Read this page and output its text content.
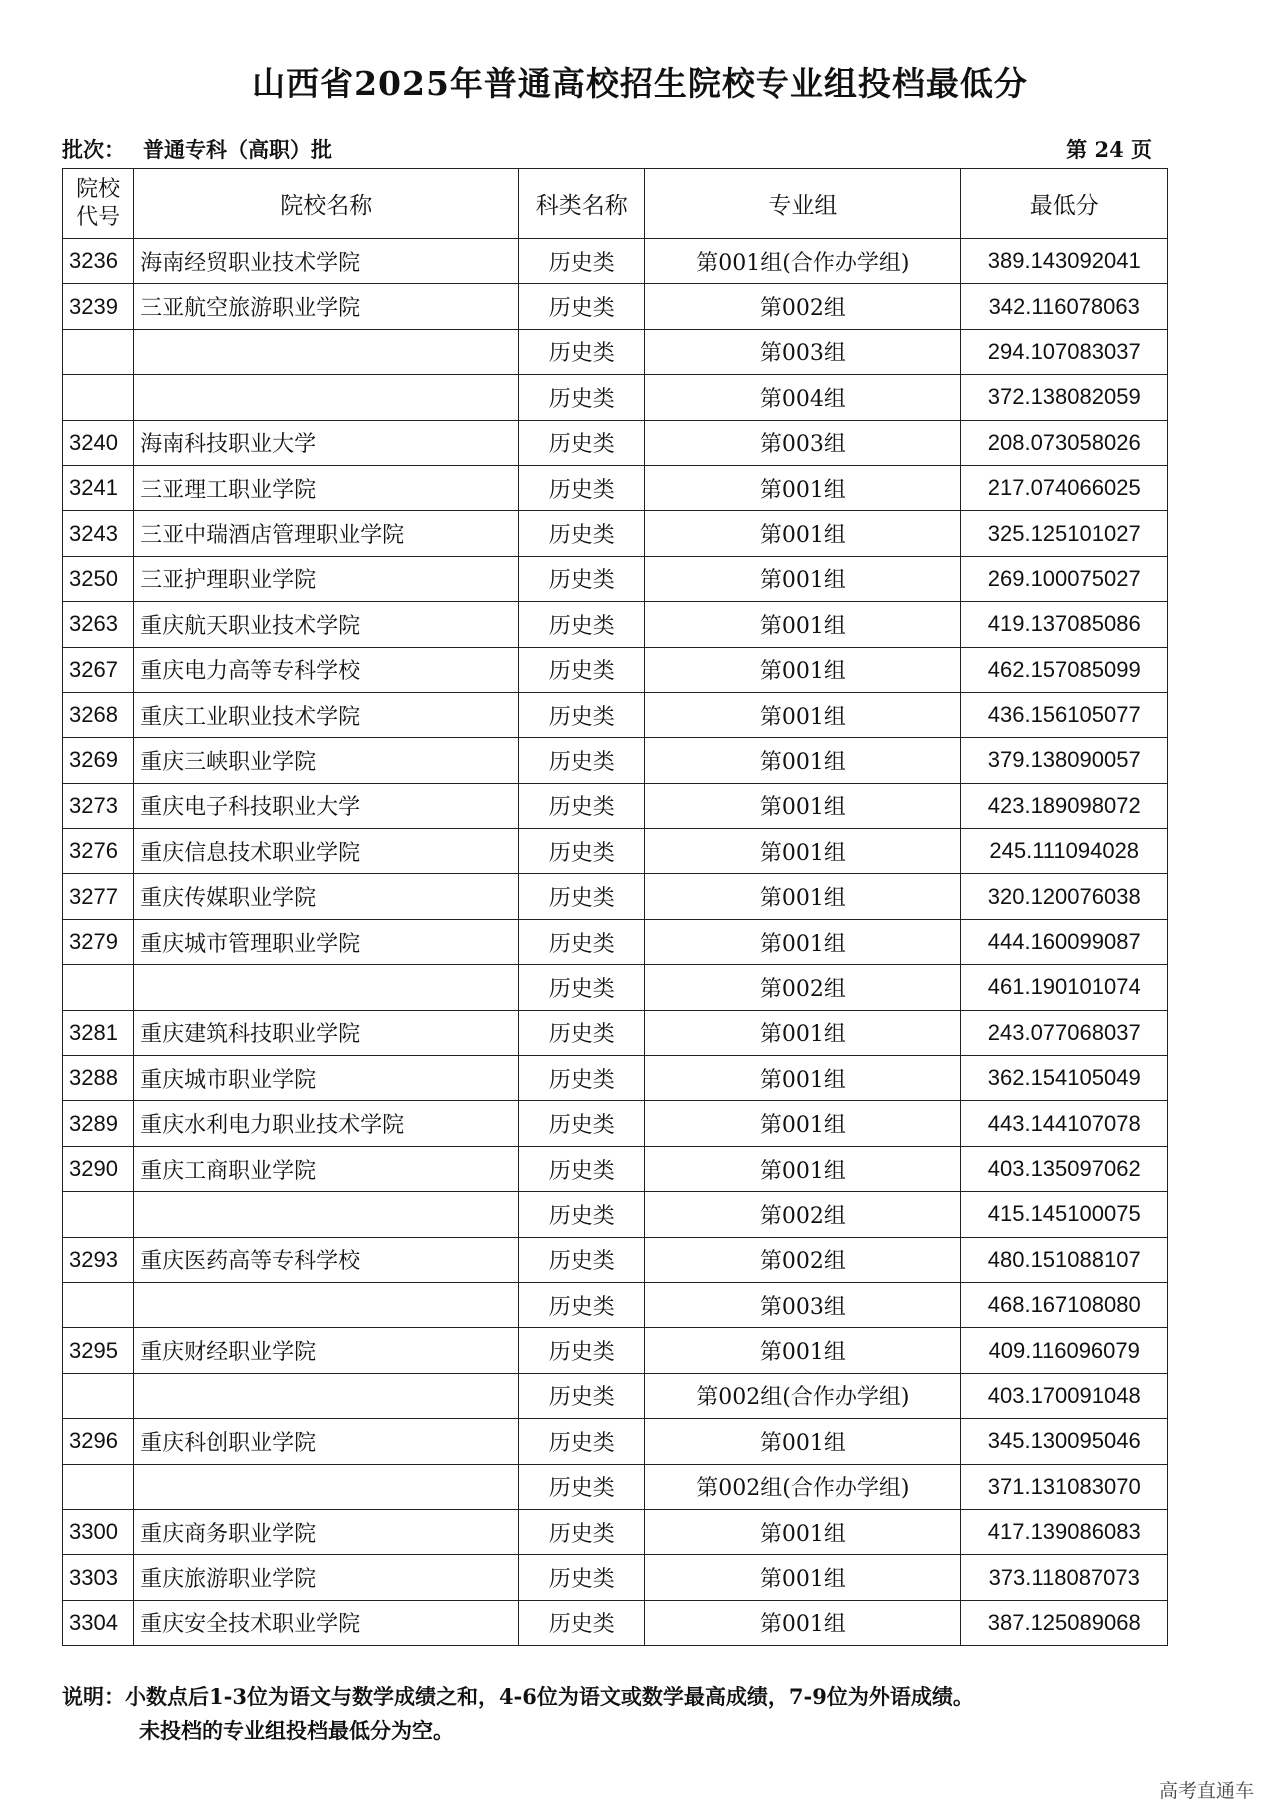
山西省2025年普通高校招生院校专业组投档最低分
批次： 普通专科（高职）批	第 24 页
院校
代号	院校名称	科类名称	专业组	最低分
3236	海南经贸职业技术学院	历史类	第001组(合作办学组)	389.143092041
3239	三亚航空旅游职业学院	历史类	第002组	342.116078063
		历史类	第003组	294.107083037
		历史类	第004组	372.138082059
3240	海南科技职业大学	历史类	第003组	208.073058026
3241	三亚理工职业学院	历史类	第001组	217.074066025
3243	三亚中瑞酒店管理职业学院	历史类	第001组	325.125101027
3250	三亚护理职业学院	历史类	第001组	269.100075027
3263	重庆航天职业技术学院	历史类	第001组	419.137085086
3267	重庆电力高等专科学校	历史类	第001组	462.157085099
3268	重庆工业职业技术学院	历史类	第001组	436.156105077
3269	重庆三峡职业学院	历史类	第001组	379.138090057
3273	重庆电子科技职业大学	历史类	第001组	423.189098072
3276	重庆信息技术职业学院	历史类	第001组	245.111094028
3277	重庆传媒职业学院	历史类	第001组	320.120076038
3279	重庆城市管理职业学院	历史类	第001组	444.160099087
		历史类	第002组	461.190101074
3281	重庆建筑科技职业学院	历史类	第001组	243.077068037
3288	重庆城市职业学院	历史类	第001组	362.154105049
3289	重庆水利电力职业技术学院	历史类	第001组	443.144107078
3290	重庆工商职业学院	历史类	第001组	403.135097062
		历史类	第002组	415.145100075
3293	重庆医药高等专科学校	历史类	第002组	480.151088107
		历史类	第003组	468.167108080
3295	重庆财经职业学院	历史类	第001组	409.116096079
		历史类	第002组(合作办学组)	403.170091048
3296	重庆科创职业学院	历史类	第001组	345.130095046
		历史类	第002组(合作办学组)	371.131083070
3300	重庆商务职业学院	历史类	第001组	417.139086083
3303	重庆旅游职业学院	历史类	第001组	373.118087073
3304	重庆安全技术职业学院	历史类	第001组	387.125089068
说明：小数点后1-3位为语文与数学成绩之和，4-6位为语文或数学最高成绩，7-9位为外语成绩。
未投档的专业组投档最低分为空。
高考直通车
